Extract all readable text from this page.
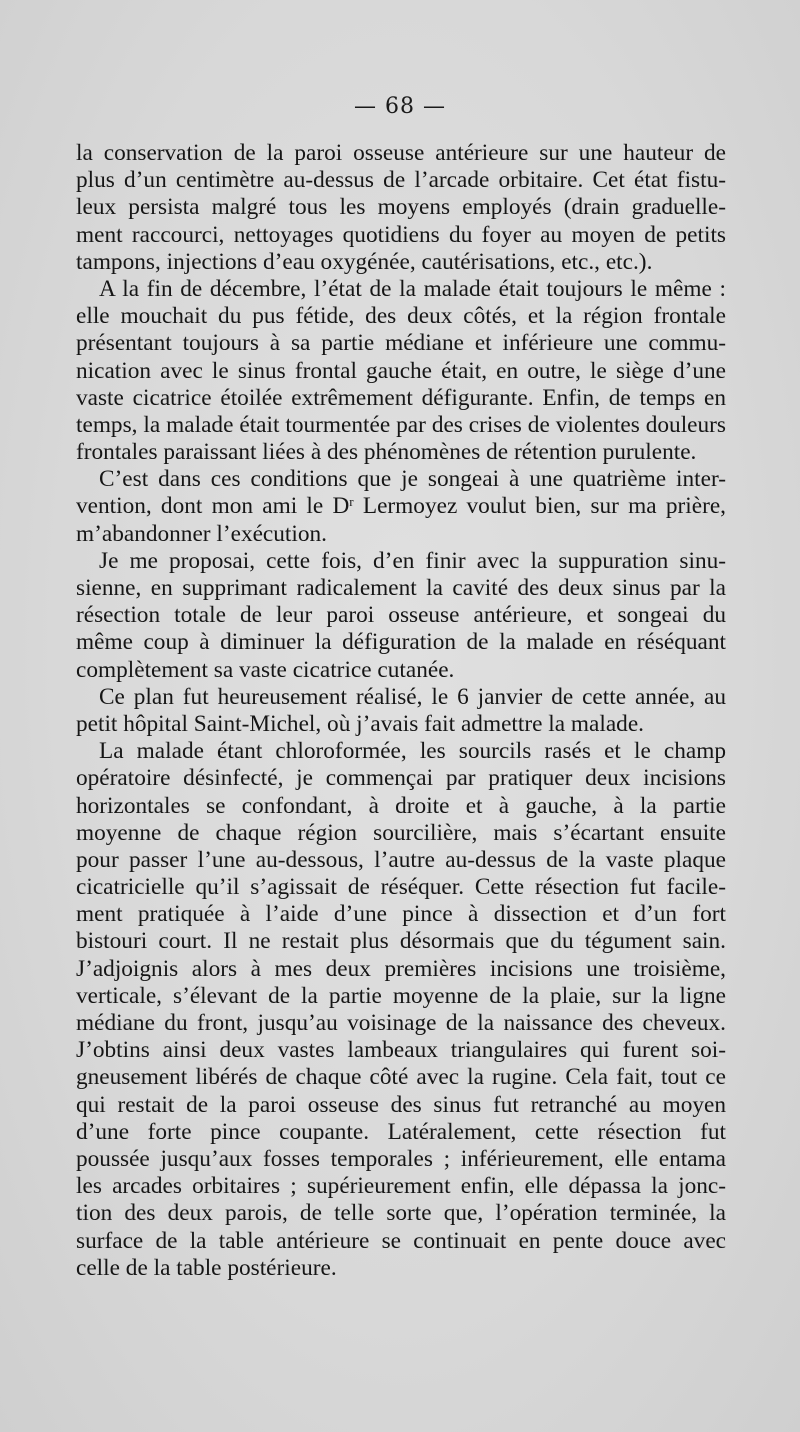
— 68 —
la conservation de la paroi osseuse antérieure sur une hauteur de
plus d’un centimètre au-dessus de l’arcade orbitaire. Cet état fistu-
leux persista malgré tous les moyens employés (drain graduelle-
ment raccourci, nettoyages quotidiens du foyer au moyen de petits
tampons, injections d’eau oxygénée, cautérisations, etc., etc.).
A la fin de décembre, l’état de la malade était toujours le même :
elle mouchait du pus fétide, des deux côtés, et la région frontale
présentant toujours à sa partie médiane et inférieure une commu-
nication avec le sinus frontal gauche était, en outre, le siège d’une
vaste cicatrice étoilée extrêmement défigurante. Enfin, de temps en
temps, la malade était tourmentée par des crises de violentes douleurs
frontales paraissant liées à des phénomènes de rétention purulente.
C’est dans ces conditions que je songeai à une quatrième inter-
vention, dont mon ami le $D^r$ Lermoyez voulut bien, sur ma prière,
m’abandonner l’exécution.
Je me proposai, cette fois, d’en finir avec la suppuration sinu-
sienne, en supprimant radicalement la cavité des deux sinus par la
résection totale de leur paroi osseuse antérieure, et songeai du
même coup à diminuer la défiguration de la malade en réséquant
complètement sa vaste cicatrice cutanée.
Ce plan fut heureusement réalisé, le 6 janvier de cette année, au
petit hôpital Saint-Michel, où j’avais fait admettre la malade.
La malade étant chloroformée, les sourcils rasés et le champ
opératoire désinfecté, je commençai par pratiquer deux incisions
horizontales se confondant, à droite et à gauche, à la partie
moyenne de chaque région sourcilière, mais s’écartant ensuite
pour passer l’une au-dessous, l’autre au-dessus de la vaste plaque
cicatricielle qu’il s’agissait de réséquer. Cette résection fut facile-
ment pratiquée à l’aide d’une pince à dissection et d’un fort
bistouri court. Il ne restait plus désormais que du tégument sain.
J’adjoignis alors à mes deux premières incisions une troisième,
verticale, s’élevant de la partie moyenne de la plaie, sur la ligne
médiane du front, jusqu’au voisinage de la naissance des cheveux.
J’obtins ainsi deux vastes lambeaux triangulaires qui furent soi-
gneusement libérés de chaque côté avec la rugine. Cela fait, tout ce
qui restait de la paroi osseuse des sinus fut retranché au moyen
d’une forte pince coupante. Latéralement, cette résection fut
poussée jusqu’aux fosses temporales ; inférieurement, elle entama
les arcades orbitaires ; supérieurement enfin, elle dépassa la jonc-
tion des deux parois, de telle sorte que, l’opération terminée, la
surface de la table antérieure se continuait en pente douce avec
celle de la table postérieure.
